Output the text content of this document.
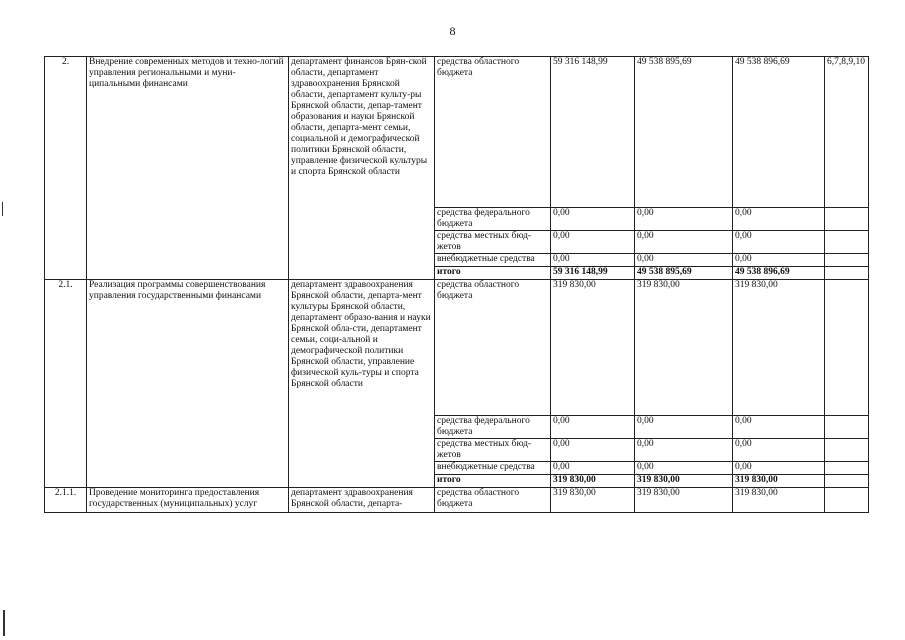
8
2.	Внедрение современных методов и техно-логий управления региональными и муни-ципальными финансами	департамент финансов Брян-ской области, департамент здравоохранения Брянской области, департамент культу-ры Брянской области, депар-тамент образования и науки Брянской области, департа-мент семьи, социальной и демографической политики Брянской области, управление физической культуры и спорта Брянской области	средства областного бюджета	59 316 148,99	49 538 895,69	49 538 896,69	6,7,8,9,10
			средства федерального бюджета	0,00	0,00	0,00	
			средства местных бюд-жетов	0,00	0,00	0,00	
			внебюджетные средства	0,00	0,00	0,00	
			итого	59 316 148,99	49 538 895,69	49 538 896,69	
2.1.	Реализация программы совершенствования управления государственными финансами	департамент здравоохранения Брянской области, департа-мент культуры Брянской области, департамент образо-вания и науки Брянской обла-сти, департамент семьи, соци-альной и демографической политики Брянской области, управление физической куль-туры и спорта Брянской области	средства областного бюджета	319 830,00	319 830,00	319 830,00	
			средства федерального бюджета	0,00	0,00	0,00	
			средства местных бюд-жетов	0,00	0,00	0,00	
			внебюджетные средства	0,00	0,00	0,00	
			итого	319 830,00	319 830,00	319 830,00	
2.1.1.	Проведение мониторинга предоставления государственных (муниципальных) услуг	департамент здравоохранения Брянской области, департа-	средства областного бюджета	319 830,00	319 830,00	319 830,00	
